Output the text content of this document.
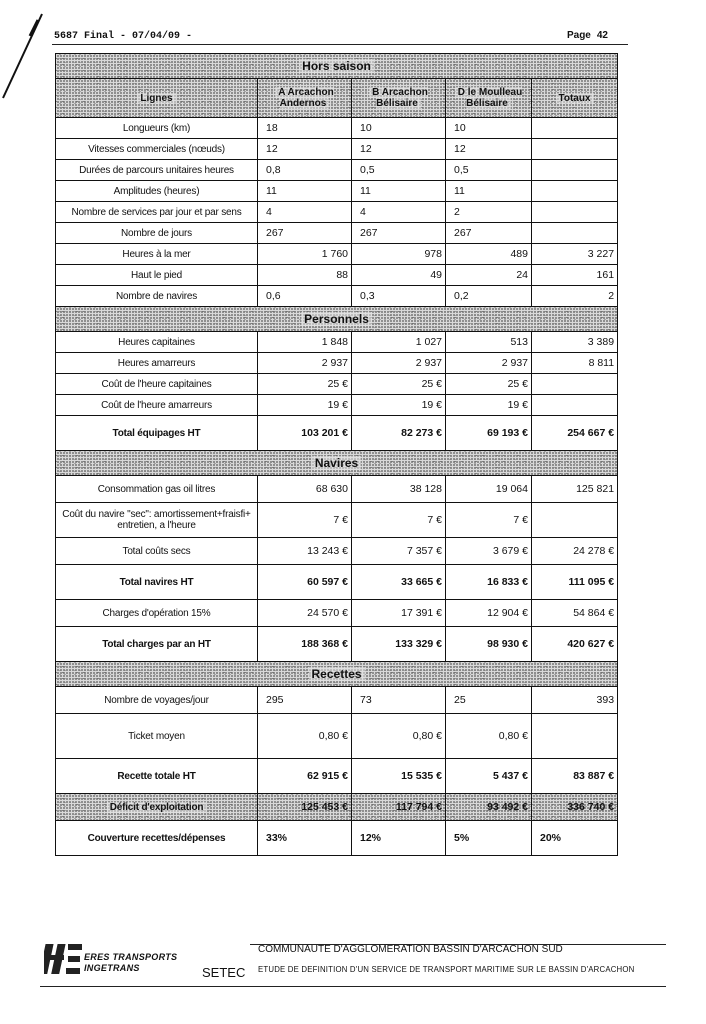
5687 Final - 07/04/09 -	Page 42
Hors saison				
Lignes	A Arcachon Andernos	B Arcachon Bélisaire	D le Moulleau Bélisaire	Totaux
Longueurs (km)	18	10	10	
Vitesses commerciales (nœuds)	12	12	12	
Durées de parcours unitaires heures	0,8	0,5	0,5	
Amplitudes (heures)	11	11	11	
Nombre de services par jour et par sens	4	4	2	
Nombre de jours	267	267	267	
Heures à la mer	1 760	978	489	3 227
Haut le pied	88	49	24	161
Nombre de navires	0,6	0,3	0,2	2
Personnels				
Heures capitaines	1 848	1 027	513	3 389
Heures amarreurs	2 937	2 937	2 937	8 811
Coût de l'heure capitaines	25 €	25 €	25 €	
Coût de l'heure amarreurs	19 €	19 €	19 €	
Total équipages HT	103 201 €	82 273 €	69 193 €	254 667 €
Navires				
Consommation gas oil litres	68 630	38 128	19 064	125 821
Coût du navire "sec": amortissement+fraisfi+ entretien, a l'heure	7 €	7 €	7 €	
Total coûts secs	13 243 €	7 357 €	3 679 €	24 278 €
Total navires HT	60 597 €	33 665 €	16 833 €	111 095 €
Charges d'opération 15%	24 570 €	17 391 €	12 904 €	54 864 €
Total charges par an HT	188 368 €	133 329 €	98 930 €	420 627 €
Recettes				
Nombre de voyages/jour	295	73	25	393
Ticket moyen	0,80 €	0,80 €	0,80 €	
Recette totale HT	62 915 €	15 535 €	5 437 €	83 887 €
Déficit d'exploitation	125 453 €	117 794 €	93 492 €	336 740 €
Couverture recettes/dépenses	33%	12%	5%	20%
ERES TRANSPORTS
INGETRANS	SETEC
COMMUNAUTE D'AGGLOMERATION BASSIN D'ARCACHON SUD
ETUDE DE DEFINITION D'UN SERVICE DE TRANSPORT MARITIME SUR LE BASSIN D'ARCACHON
